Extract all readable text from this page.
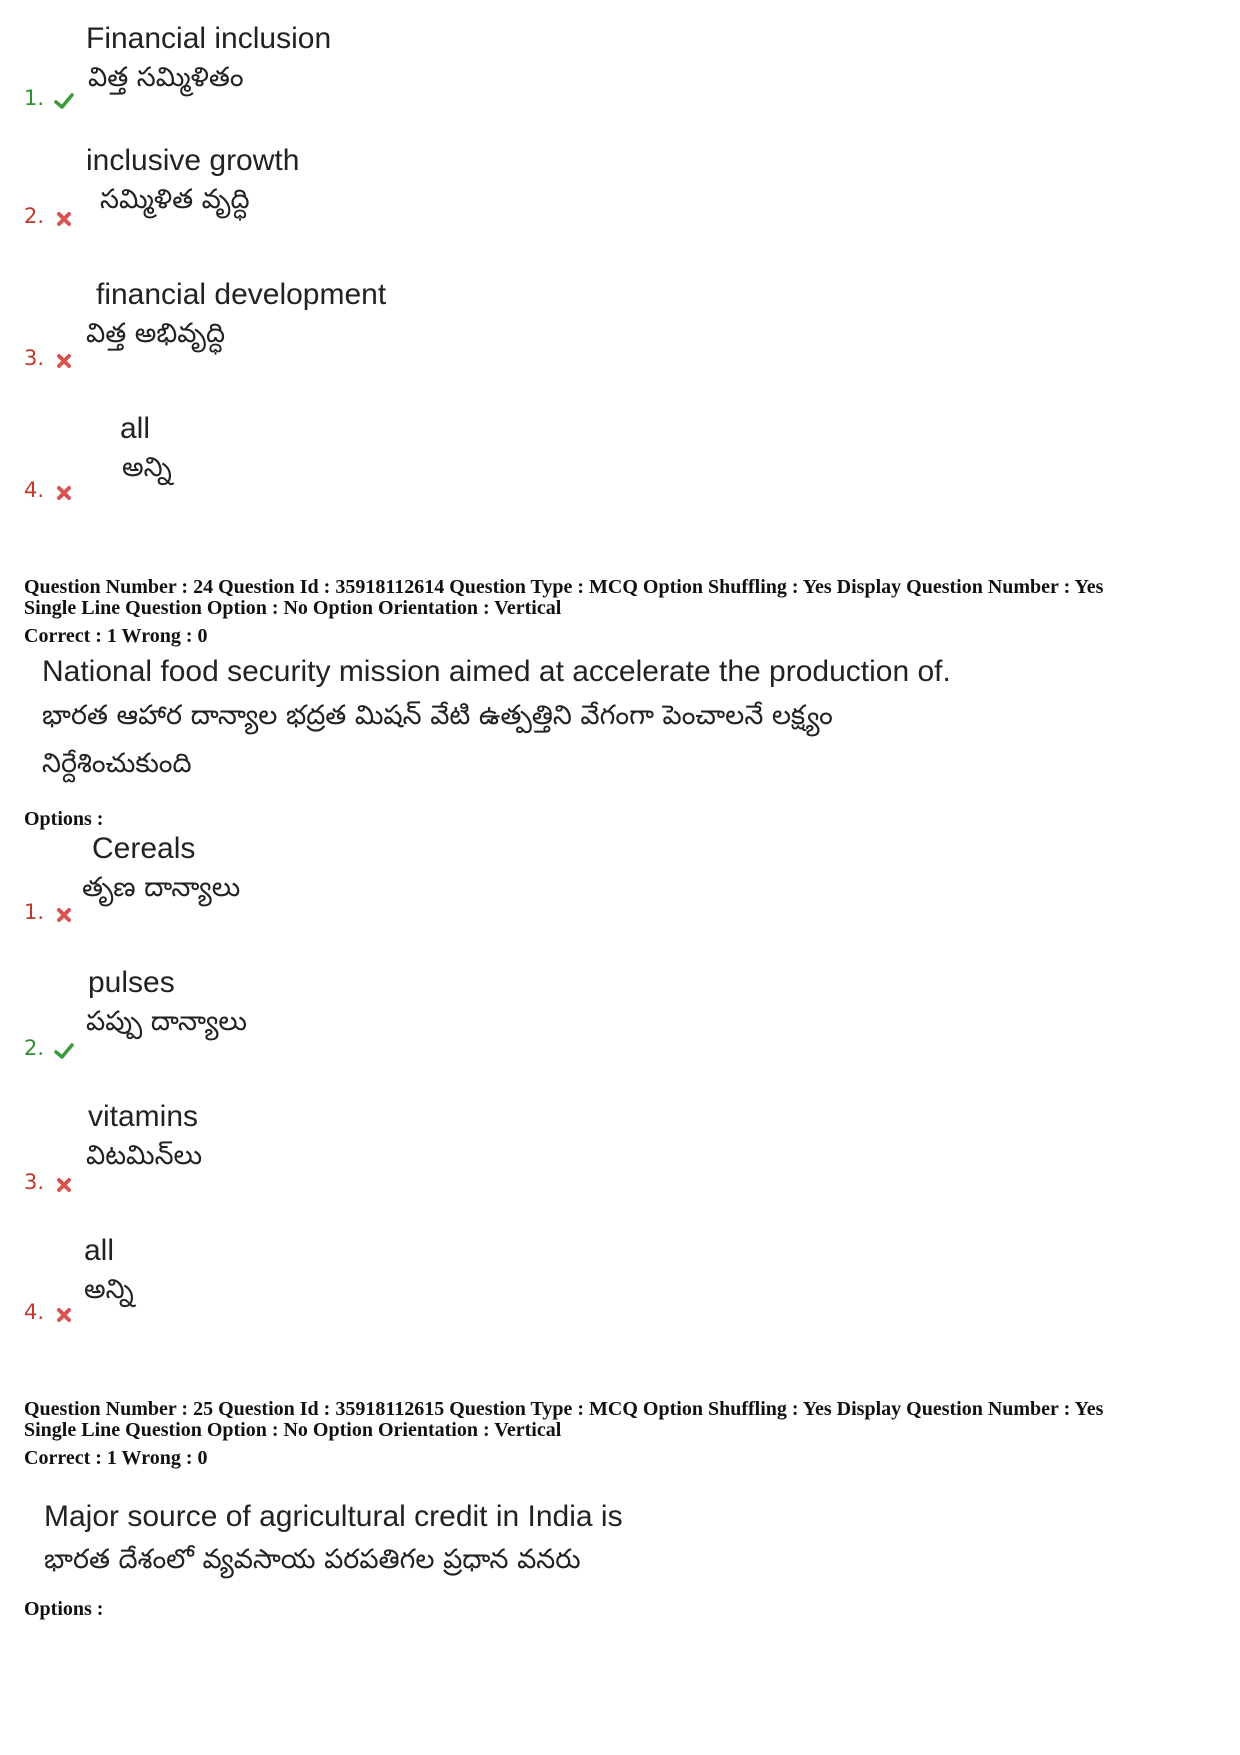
Financial inclusion
విత్త సమ్మిళితం
1.
inclusive growth
సమ్మిళిత వృద్ధి
2.
financial development
విత్త అభివృద్ధి
3.
all
అన్ని
4.
Question Number : 24 Question Id : 35918112614 Question Type : MCQ Option Shuffling : Yes Display Question Number : Yes
Single Line Question Option : No Option Orientation : Vertical
Correct : 1 Wrong : 0
National food security mission aimed at accelerate the production of.
భారత ఆహార దాన్యాల భద్రత మిషన్ వేటి ఉత్పత్తిని వేగంగా పెంచాలనే లక్ష్యం
నిర్దేశించుకుంది
Options :
Cereals
తృణ దాన్యాలు
1.
pulses
పప్పు దాన్యాలు
2.
vitamins
విటమిన్‌లు
3.
all
అన్ని
4.
Question Number : 25 Question Id : 35918112615 Question Type : MCQ Option Shuffling : Yes Display Question Number : Yes
Single Line Question Option : No Option Orientation : Vertical
Correct : 1 Wrong : 0
Major source of agricultural credit in India is
భారత దేశంలో వ్యవసాయ పరపతిగల ప్రధాన వనరు
Options :
